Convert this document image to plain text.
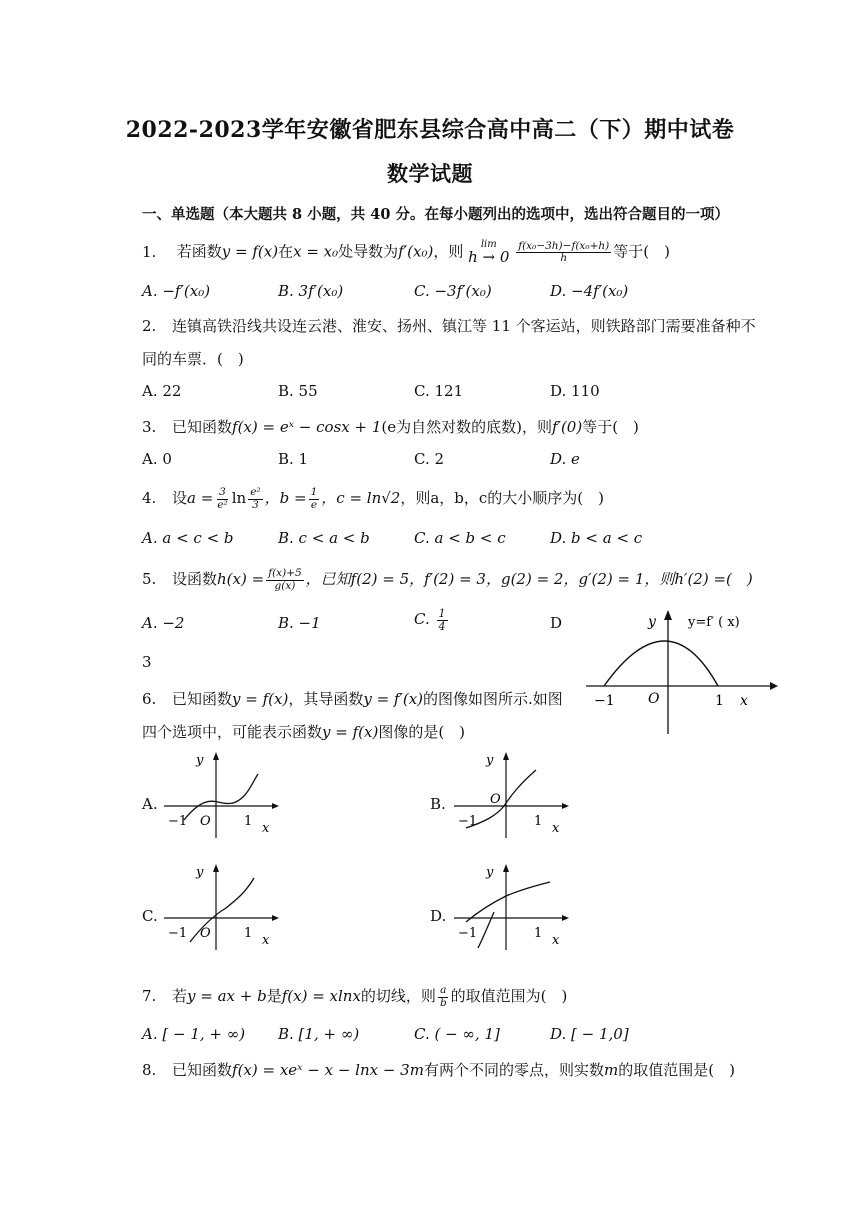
2022-2023学年安徽省肥东县综合高中高二（下）期中试卷
数学试题
一、单选题（本大题共 8 小题，共 40 分。在每小题列出的选项中，选出符合题目的一项）
1. 若函数y = f(x)在x = x₀处导数为f′(x₀)，则 lim
h → 0
$\frac{\text{f(x₀−3h)−f(x₀+h)}}{h}$ 等于(　)
A. −f′(x₀)	B. 3f′(x₀)	C. −3f′(x₀)	D. −4f′(x₀)
2. 连镇高铁沿线共设连云港、淮安、扬州、镇江等 11 个客运站，则铁路部门需要准备种不
同的车票．(　)
A. 22	B. 55	C. 121	D. 110
3. 已知函数f(x) = eˣ − cosx + 1(e为自然对数的底数)，则f′(0)等于(　)
A. 0	B. 1	C. 2	D. e
4. 设$a = \frac{3}{\text{e²}}$ $\ln \frac{\text{e²}}{3}$ ，$b = \frac{1}{e}$ ，c = ln√2，则a，b，c的大小顺序为(　)
A. a < c < b	B. c < a < b	C. a < b < c	D. b < a < c
5. 设函数$h(x) = \frac{f(x)+5}{g(x)}$ ，已知f(2) = 5，f′(2) = 3，g(2) = 2，g′(2) = 1，则h′(2) =(　)
A. −2	B. −1	C. $\frac{1}{4}$	D
3
y y=f′ ( x)
−1 O	1 x
6. 已知函数y = f(x)，其导函数y = f′(x)的图像如图所示.如图
四个选项中，可能表示函数y = f(x)图像的是(　)
A.
y
−1 O	1 x
B.
y
O
−1	1 x
C.
y
−1 O	1 x
D.
y
−1	1 x
7. 若y = ax + b是f(x) = xlnx的切线，则 $\frac{a}{b}$ 的取值范围为(　)
A. [ − 1, + ∞) B. [1, + ∞)	C. ( − ∞, 1]	D. [ − 1,0]
8. 已知函数f(x) = xeˣ − x − lnx − 3m有两个不同的零点，则实数m的取值范围是(　)
